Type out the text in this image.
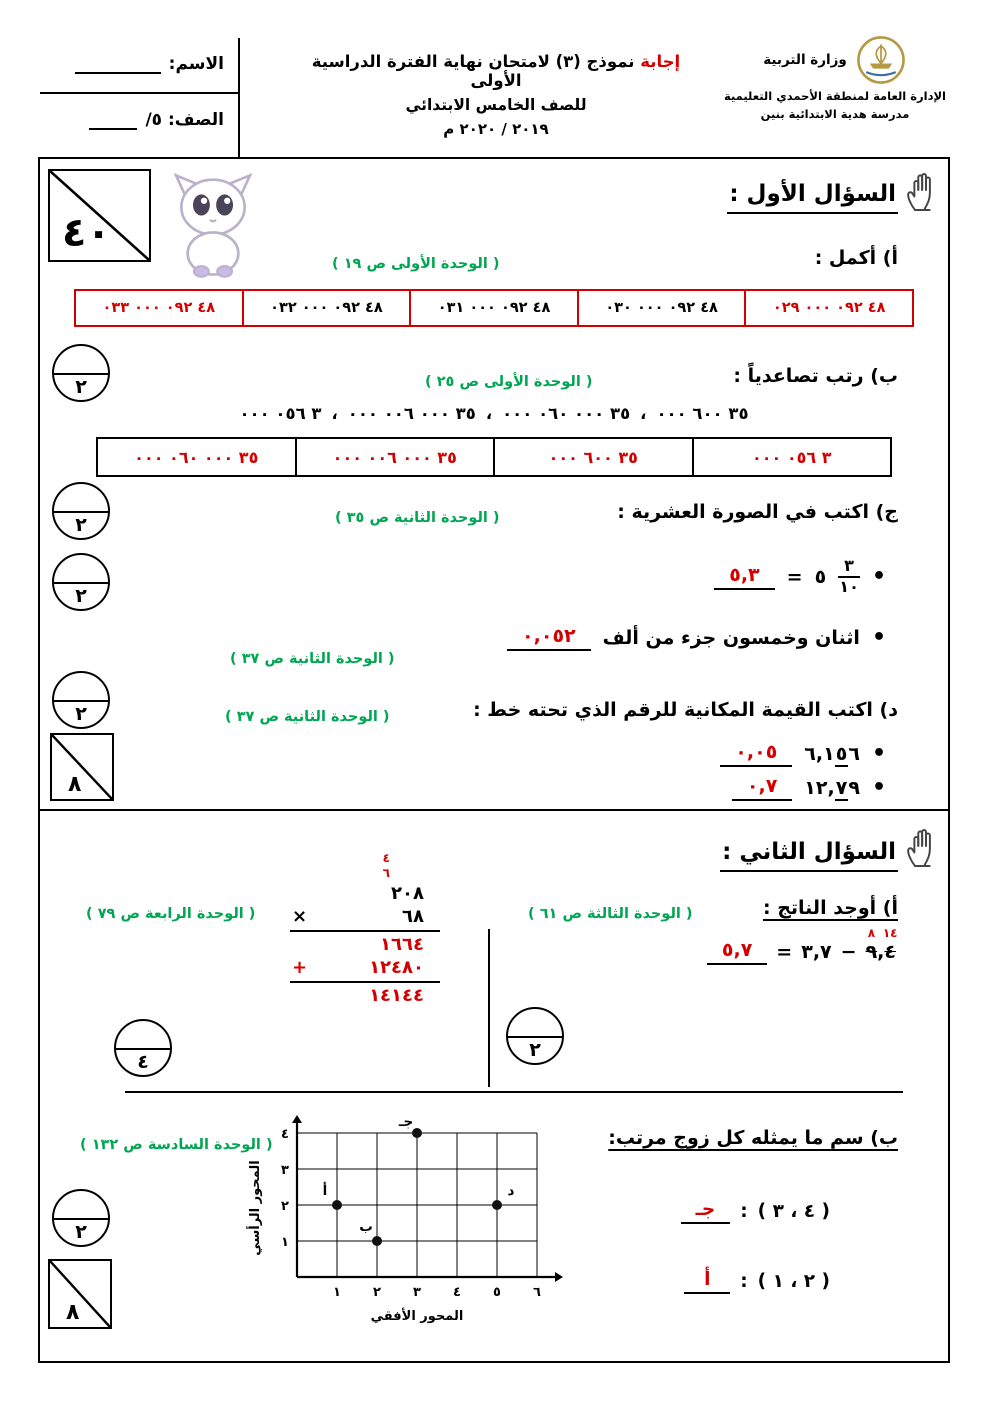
وزارة التربية
الإدارة العامة لمنطقة الأحمدي التعليمية
مدرسة هدية الابتدائية بنين
إجابة نموذج (٣) لامتحان نهاية الفترة الدراسية الأولى
للصف الخامس الابتدائي
٢٠١٩ / ٢٠٢٠ م
الاسم:
الصف: ٥/
السؤال الأول :
٤٠
أ) أكمل :
( الوحدة الأولى ص ١٩ )
٤٨ ٠٩٢ ٠٠٠ ٠٢٩
٤٨ ٠٩٢ ٠٠٠ ٠٣٠
٤٨ ٠٩٢ ٠٠٠ ٠٣١
٤٨ ٠٩٢ ٠٠٠ ٠٣٢
٤٨ ٠٩٢ ٠٠٠ ٠٣٣
٢	ب) رتب تصاعدياً :
( الوحدة الأولى ص ٢٥ )
٣٥ ٦٠٠ ٠٠٠،٣٥ ٠٠٠ ٠٦٠ ٠٠٠،٣٥ ٠٠٠ ٠٠٦ ٠٠٠،٣ ٠٥٦ ٠٠٠
٣ ٠٥٦ ٠٠٠
٣٥ ٦٠٠ ٠٠٠
٣٥ ٠٠٠ ٠٠٦ ٠٠٠
٣٥ ٠٠٠ ٠٦٠ ٠٠٠
٢
ج) اكتب في الصورة العشرية :
( الوحدة الثانية ص ٣٥ )
• $\frac{٣}{١٠}$
٥
=
٥,٣
٢
• اثنان وخمسون جزء من ألف
٠,٠٥٢
( الوحدة الثانية ص ٣٧ )
٢	د) اكتب القيمة المكانية للرقم الذي تحته خط :
( الوحدة الثانية ص ٣٧ )
• ٦,١٥٦
٠,٠٥
• ١٢,٧٩
٠,٧
٨
السؤال الثاني :
أ) أوجد الناتج :
( الوحدة الثالثة ص ٦١ )
( الوحدة الرابعة ص ٧٩ )
٥,٧	= ٣,٧ −
٨
٩ ,
١٤
٤
٤
٦
٢٠٨
×	٦٨
١٦٦٤
+	١٢٤٨٠
١٤١٤٤
٢
٤
ب) سم ما يمثله كل زوج مرتب:
( الوحدة السادسة ص ١٣٢ )
١ ٢ ٣ ٤ ٥ ٦
١
٢
٣
٤
أ
ب
جـ
د
المحور الأفقي
المحور الرأسي	( ٤ ، ٣ )
:
جـ
( ٢ ، ١ )
:
أ
٢
٨
